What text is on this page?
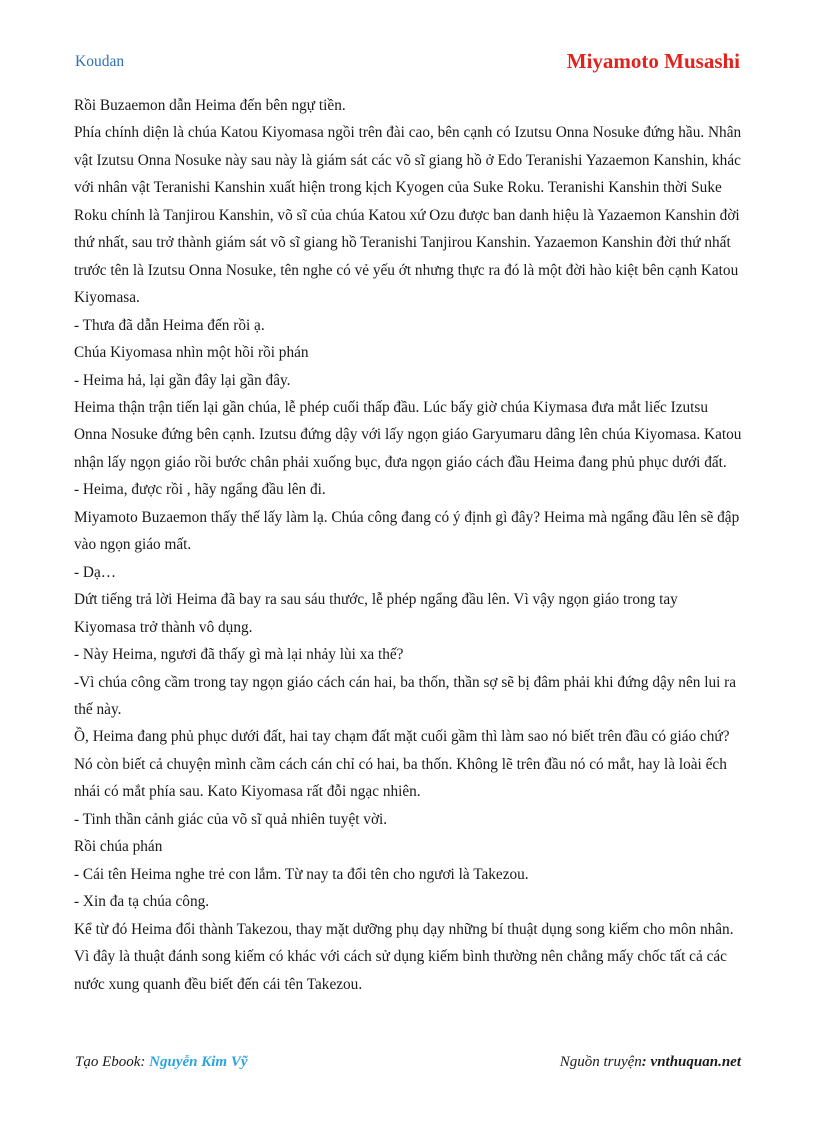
Koudan	Miyamoto Musashi

Rồi Buzaemon dẫn Heima đến bên ngự tiền.

Phía chính diện là chúa Katou Kiyomasa ngồi trên đài cao, bên cạnh có Izutsu Onna Nosuke đứng hầu. Nhân vật Izutsu Onna Nosuke này sau này là giám sát các võ sĩ giang hồ ở Edo Teranishi Yazaemon Kanshin, khác với nhân vật Teranishi Kanshin xuất hiện trong kịch Kyogen của Suke Roku. Teranishi Kanshin thời Suke Roku chính là Tanjirou Kanshin, võ sĩ của chúa Katou xứ Ozu được ban danh hiệu là Yazaemon Kanshin đời thứ nhất, sau trở thành giám sát võ sĩ giang hồ Teranishi Tanjirou Kanshin. Yazaemon Kanshin đời thứ nhất trước tên là Izutsu Onna Nosuke, tên nghe có vẻ yếu ớt nhưng thực ra đó là một đời hào kiệt bên cạnh Katou Kiyomasa.

- Thưa đã dẫn Heima đến rồi ạ.

Chúa Kiyomasa nhìn một hồi rồi phán

- Heima hả, lại gần đây lại gần đây.

Heima thận trận tiến lại gần chúa, lễ phép cuối thấp đầu. Lúc bấy giờ chúa Kiymasa đưa mắt liếc Izutsu Onna Nosuke đứng bên cạnh. Izutsu đứng dậy với lấy ngọn giáo Garyumaru dâng lên chúa Kiyomasa. Katou nhận lấy ngọn giáo rồi bước chân phải xuống bục, đưa ngọn giáo cách đầu Heima đang phủ phục dưới đất.

- Heima, được rồi , hãy ngẩng đầu lên đi.

Miyamoto Buzaemon thấy thế lấy làm lạ. Chúa công đang có ý định gì đây? Heima mà ngẩng đầu lên sẽ đập vào ngọn giáo mất.

- Dạ…

Dứt tiếng trả lời Heima đã bay ra sau sáu thước, lễ phép ngẩng đầu lên. Vì vậy ngọn giáo trong tay Kiyomasa trở thành vô dụng.

- Này Heima, ngươi đã thấy gì mà lại nhảy lùi xa thế?

-Vì chúa công cầm trong tay ngọn giáo cách cán hai, ba thốn, thần sợ sẽ bị đâm phải khi đứng dậy nên lui ra thế này.

Ồ, Heima đang phủ phục dưới đất, hai tay chạm đất mặt cuối gầm thì làm sao nó biết trên đầu có giáo chứ? Nó còn biết cả chuyện mình cầm cách cán chỉ có hai, ba thốn. Không lẽ trên đầu nó có mắt, hay là loài ếch nhái có mắt phía sau. Kato Kiyomasa rất đỗi ngạc nhiên.

- Tinh thần cảnh giác của võ sĩ quả nhiên tuyệt vời.

Rồi chúa phán

- Cái tên Heima nghe trẻ con lắm. Từ nay ta đổi tên cho ngươi là Takezou.

- Xin đa tạ chúa công.

Kể từ đó Heima đổi thành Takezou, thay mặt dưỡng phụ dạy những bí thuật dụng song kiếm cho môn nhân. Vì đây là thuật đánh song kiếm có khác với cách sử dụng kiếm bình thường nên chẳng mấy chốc tất cả các nước xung quanh đều biết đến cái tên Takezou.

Tạo Ebook: Nguyễn Kim Vỹ	Nguồn truyện: vnthuquan.net
